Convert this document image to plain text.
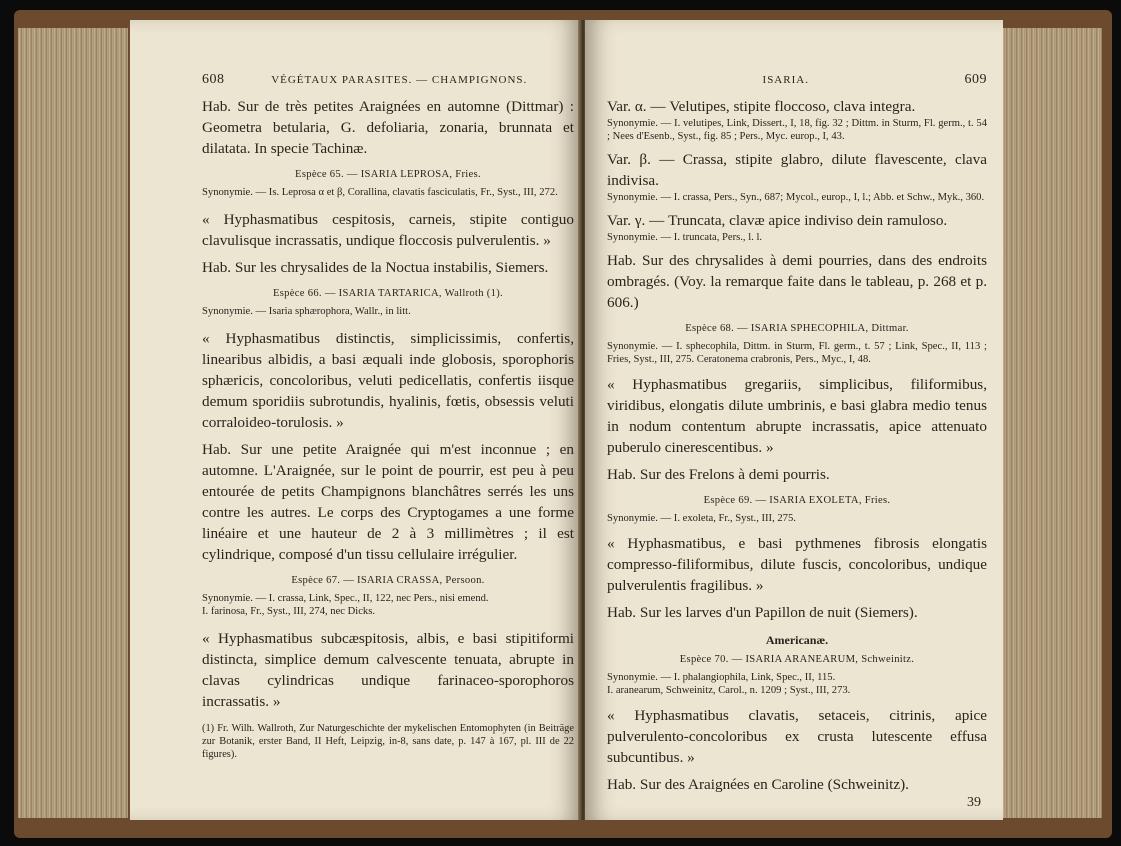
608	VÉGÉTAUX PARASITES. — CHAMPIGNONS.

Hab. Sur de très petites Araignées en automne (Dittmar) : Geometra betularia, G. defoliaria, zonaria, brunnata et dilatata. In specie Tachinæ.

Espèce 65. — ISARIA LEPROSA, Fries.

Synonymie. — Is. Leprosa α et β, Corallina, clavatis fasciculatis, Fr., Syst., III, 272.

« Hyphasmatibus cespitosis, carneis, stipite contiguo clavulisque incrassatis, undique floccosis pulverulentis. »

Hab. Sur les chrysalides de la Noctua instabilis, Siemers.

Espèce 66. — ISARIA TARTARICA, Wallroth (1).

Synonymie. — Isaria sphærophora, Wallr., in litt.

« Hyphasmatibus distinctis, simplicissimis, confertis, linearibus albidis, a basi æquali inde globosis, sporophoris sphæricis, concoloribus, veluti pedicellatis, confertis iisque demum sporidiis subrotundis, hyalinis, fœtis, obsessis veluti corraloideo-torulosis. »

Hab. Sur une petite Araignée qui m'est inconnue ; en automne. L'Araignée, sur le point de pourrir, est peu à peu entourée de petits Champignons blanchâtres serrés les uns contre les autres. Le corps des Cryptogames a une forme linéaire et une hauteur de 2 à 3 millimètres ; il est cylindrique, composé d'un tissu cellulaire irrégulier.

Espèce 67. — ISARIA CRASSA, Persoon.

Synonymie. — I. crassa, Link, Spec., II, 122, nec Pers., nisi emend.

I. farinosa, Fr., Syst., III, 274, nec Dicks.

« Hyphasmatibus subcæspitosis, albis, e basi stipitiformi distincta, simplice demum calvescente tenuata, abrupte in clavas cylindricas undique farinaceo-sporophoros incrassatis. »

(1) Fr. Wilh. Wallroth, Zur Naturgeschichte der mykelischen Entomophyten (in Beiträge zur Botanik, erster Band, II Heft, Leipzig, in-8, sans date, p. 147 à 167, pl. III de 22 figures).

ISARIA.	609

Var. α. — Velutipes, stipite floccoso, clava integra.

Synonymie. — I. velutipes, Link, Dissert., I, 18, fig. 32 ; Dittm. in Sturm, Fl. germ., t. 54 ; Nees d'Esenb., Syst., fig. 85 ; Pers., Myc. europ., I, 43.

Var. β. — Crassa, stipite glabro, dilute flavescente, clava indivisa.

Synonymie. — I. crassa, Pers., Syn., 687; Mycol., europ., I, l.; Abb. et Schw., Myk., 360.

Var. γ. — Truncata, clavæ apice indiviso dein ramuloso.

Synonymie. — I. truncata, Pers., l. l.

Hab. Sur des chrysalides à demi pourries, dans des endroits ombragés. (Voy. la remarque faite dans le tableau, p. 268 et p. 606.)

Espèce 68. — ISARIA SPHECOPHILA, Dittmar.

Synonymie. — I. sphecophila, Dittm. in Sturm, Fl. germ., t. 57 ; Link, Spec., II, 113 ; Fries, Syst., III, 275. Ceratonema crabronis, Pers., Myc., I, 48.

« Hyphasmatibus gregariis, simplicibus, filiformibus, viridibus, elongatis dilute umbrinis, e basi glabra medio tenus in nodum contentum abrupte incrassatis, apice attenuato puberulo cinerescentibus. »

Hab. Sur des Frelons à demi pourris.

Espèce 69. — ISARIA EXOLETA, Fries.

Synonymie. — I. exoleta, Fr., Syst., III, 275.

« Hyphasmatibus, e basi pythmenes fibrosis elongatis compresso-filiformibus, dilute fuscis, concoloribus, undique pulverulentis fragilibus. »

Hab. Sur les larves d'un Papillon de nuit (Siemers).

Americanæ.

Espèce 70. — ISARIA ARANEARUM, Schweinitz.

Synonymie. — I. phalangiophila, Link, Spec., II, 115.

I. aranearum, Schweinitz, Carol., n. 1209 ; Syst., III, 273.

« Hyphasmatibus clavatis, setaceis, citrinis, apice pulverulento-concoloribus ex crusta lutescente effusa subcuntibus. »

Hab. Sur des Araignées en Caroline (Schweinitz).

39
